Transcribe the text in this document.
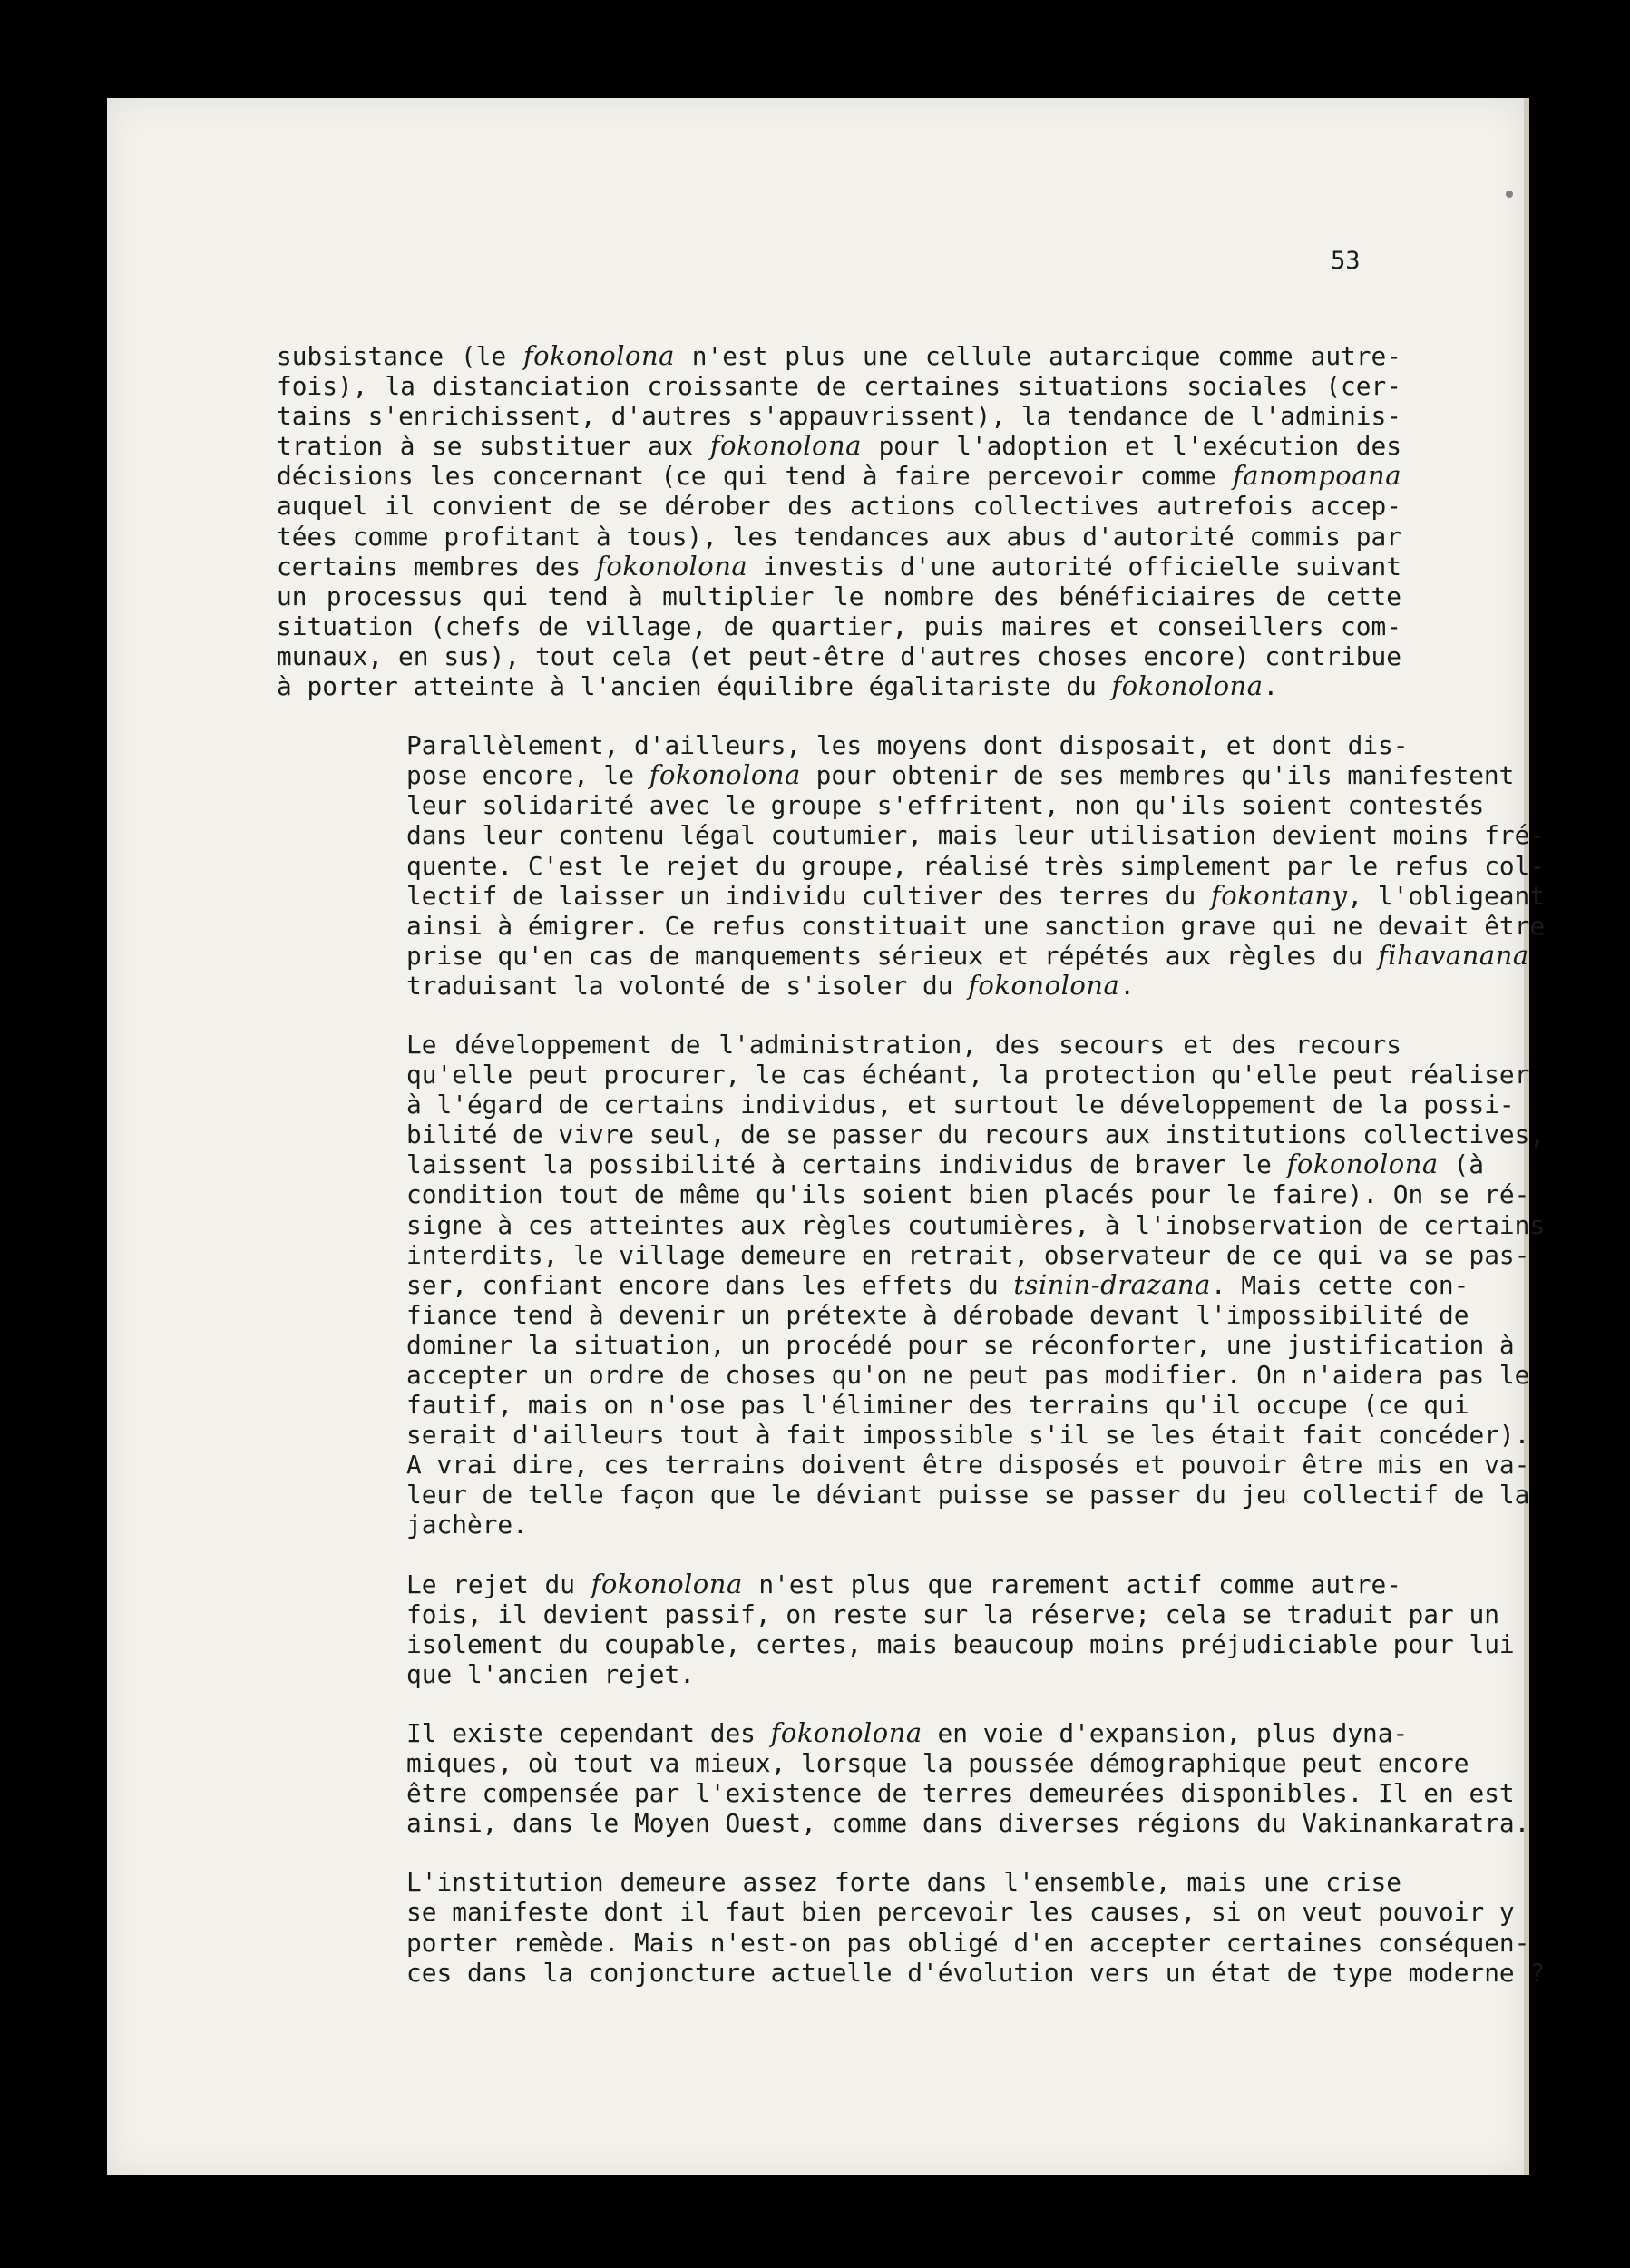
53

subsistance (le fokonolona n'est plus une cellule autarcique comme autre-
fois), la distanciation croissante de certaines situations sociales (cer-
tains s'enrichissent, d'autres s'appauvrissent), la tendance de l'adminis-
tration à se substituer aux fokonolona pour l'adoption et l'exécution des
décisions les concernant (ce qui tend à faire percevoir comme fanompoana
auquel il convient de se dérober des actions collectives autrefois accep-
tées comme profitant à tous), les tendances aux abus d'autorité commis par
certains membres des fokonolona investis d'une autorité officielle suivant
un processus qui tend à multiplier le nombre des bénéficiaires de cette
situation (chefs de village, de quartier, puis maires et conseillers com-
munaux, en sus), tout cela (et peut-être d'autres choses encore) contribue
à porter atteinte à l'ancien équilibre égalitariste du fokonolona.

Parallèlement, d'ailleurs, les moyens dont disposait, et dont dis-
pose encore, le fokonolona pour obtenir de ses membres qu'ils manifestent
leur solidarité avec le groupe s'effritent, non qu'ils soient contestés
dans leur contenu légal coutumier, mais leur utilisation devient moins fré-
quente. C'est le rejet du groupe, réalisé très simplement par le refus col-
lectif de laisser un individu cultiver des terres du fokontany, l'obligeant
ainsi à émigrer. Ce refus constituait une sanction grave qui ne devait être
prise qu'en cas de manquements sérieux et répétés aux règles du fihavanana
traduisant la volonté de s'isoler du fokonolona.

Le développement de l'administration, des secours et des recours
qu'elle peut procurer, le cas échéant, la protection qu'elle peut réaliser
à l'égard de certains individus, et surtout le développement de la possi-
bilité de vivre seul, de se passer du recours aux institutions collectives,
laissent la possibilité à certains individus de braver le fokonolona (à
condition tout de même qu'ils soient bien placés pour le faire). On se ré-
signe à ces atteintes aux règles coutumières, à l'inobservation de certains
interdits, le village demeure en retrait, observateur de ce qui va se pas-
ser, confiant encore dans les effets du tsinin-drazana. Mais cette con-
fiance tend à devenir un prétexte à dérobade devant l'impossibilité de
dominer la situation, un procédé pour se réconforter, une justification à
accepter un ordre de choses qu'on ne peut pas modifier. On n'aidera pas le
fautif, mais on n'ose pas l'éliminer des terrains qu'il occupe (ce qui
serait d'ailleurs tout à fait impossible s'il se les était fait concéder).
A vrai dire, ces terrains doivent être disposés et pouvoir être mis en va-
leur de telle façon que le déviant puisse se passer du jeu collectif de la
jachère.

Le rejet du fokonolona n'est plus que rarement actif comme autre-
fois, il devient passif, on reste sur la réserve; cela se traduit par un
isolement du coupable, certes, mais beaucoup moins préjudiciable pour lui
que l'ancien rejet.

Il existe cependant des fokonolona en voie d'expansion, plus dyna-
miques, où tout va mieux, lorsque la poussée démographique peut encore
être compensée par l'existence de terres demeurées disponibles. Il en est
ainsi, dans le Moyen Ouest, comme dans diverses régions du Vakinankaratra.

L'institution demeure assez forte dans l'ensemble, mais une crise
se manifeste dont il faut bien percevoir les causes, si on veut pouvoir y
porter remède. Mais n'est-on pas obligé d'en accepter certaines conséquen-
ces dans la conjoncture actuelle d'évolution vers un état de type moderne ?
